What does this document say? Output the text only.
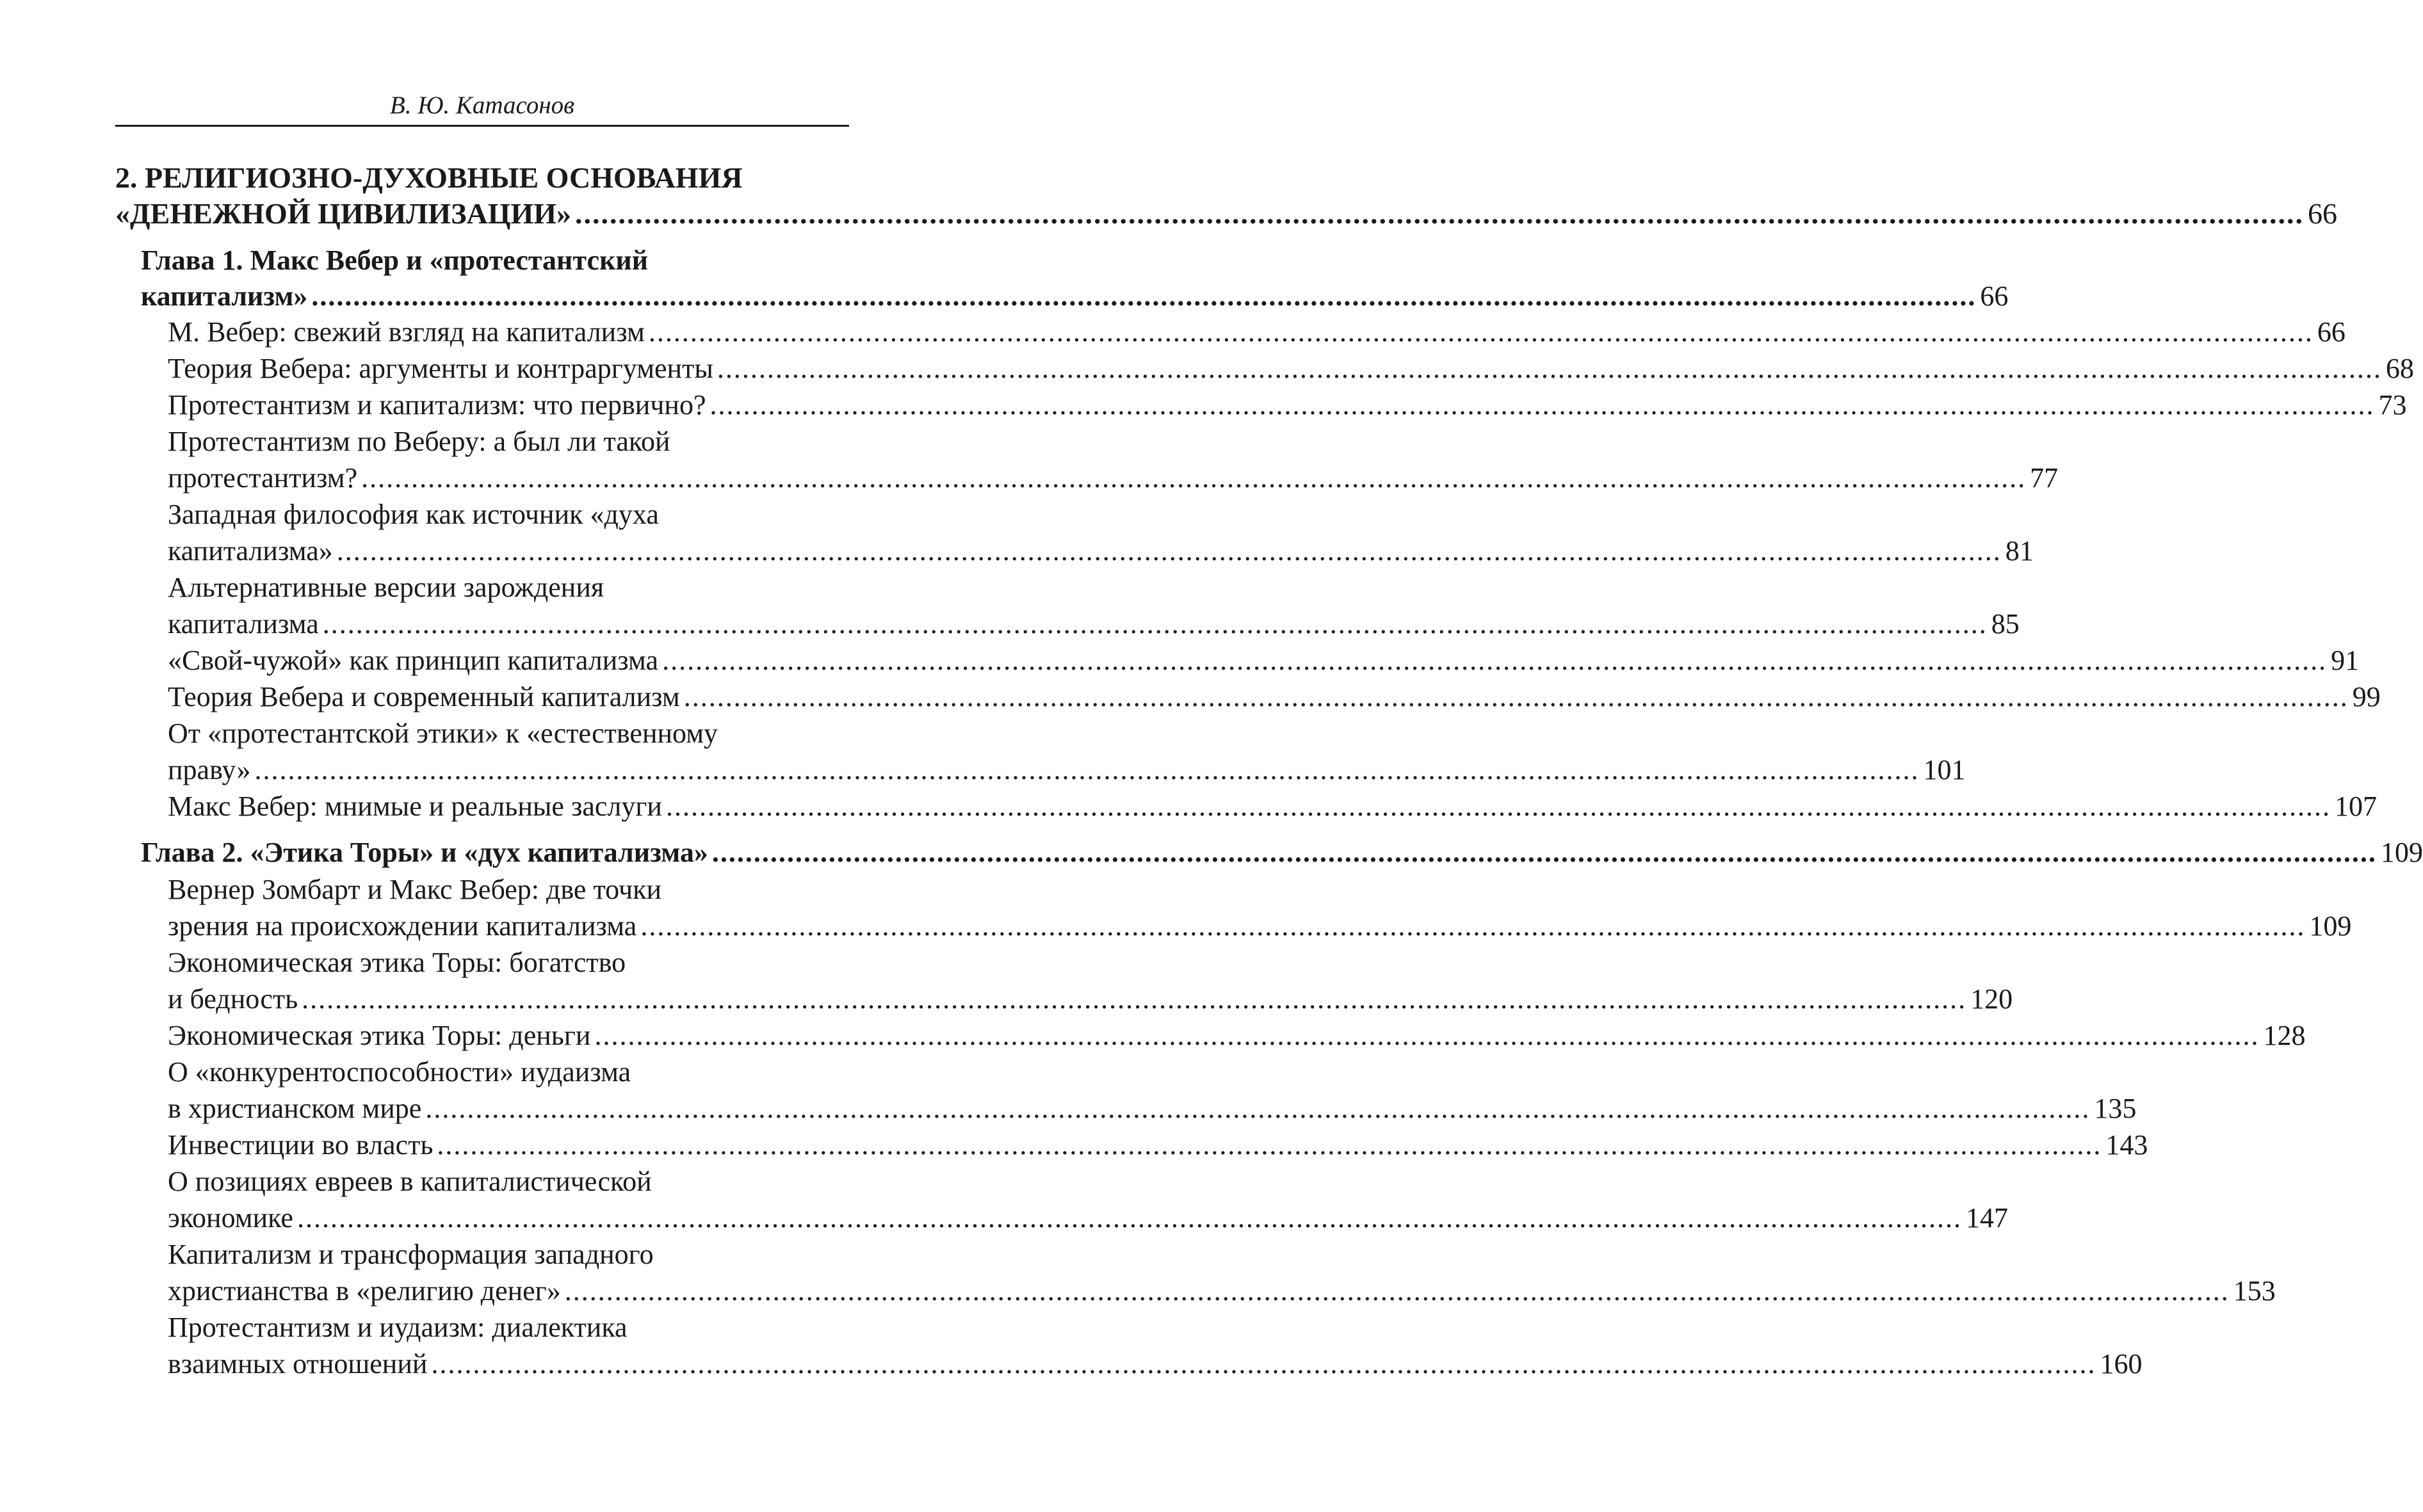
В. Ю. Катасонов
2. РЕЛИГИОЗНО-ДУХОВНЫЕ ОСНОВАНИЯ
«ДЕНЕЖНОЙ ЦИВИЛИЗАЦИИ» ........................................................................................................................................................................................................ 66
Глава 1. Макс Вебер и «протестантский
капитализм» ........................................................................................................................................................................................................ 66
М. Вебер: свежий взгляд на капитализм ........................................................................................................................................................................................................ 66
Теория Вебера: аргументы и контраргументы ........................................................................................................................................................................................................ 68
Протестантизм и капитализм: что первично? ........................................................................................................................................................................................................ 73
Протестантизм по Веберу: а был ли такой
протестантизм? ........................................................................................................................................................................................................ 77
Западная философия как источник «духа
капитализма» ........................................................................................................................................................................................................ 81
Альтернативные версии зарождения
капитализма ........................................................................................................................................................................................................ 85
«Свой-чужой» как принцип капитализма ........................................................................................................................................................................................................ 91
Теория Вебера и современный капитализм ........................................................................................................................................................................................................ 99
От «протестантской этики» к «естественному
праву» ........................................................................................................................................................................................................ 101
Макс Вебер: мнимые и реальные заслуги ........................................................................................................................................................................................................ 107
Глава 2. «Этика Торы» и «дух капитализма» ........................................................................................................................................................................................................ 109
Вернер Зомбарт и Макс Вебер: две точки
зрения на происхождении капитализма ........................................................................................................................................................................................................ 109
Экономическая этика Торы: богатство
и бедность ........................................................................................................................................................................................................ 120
Экономическая этика Торы: деньги ........................................................................................................................................................................................................ 128
О «конкурентоспособности» иудаизма
в христианском мире ........................................................................................................................................................................................................ 135
Инвестиции во власть ........................................................................................................................................................................................................ 143
О позициях евреев в капиталистической
экономике ........................................................................................................................................................................................................ 147
Капитализм и трансформация западного
христианства в «религию денег» ........................................................................................................................................................................................................ 153
Протестантизм и иудаизм: диалектика
взаимных отношений ........................................................................................................................................................................................................ 160
